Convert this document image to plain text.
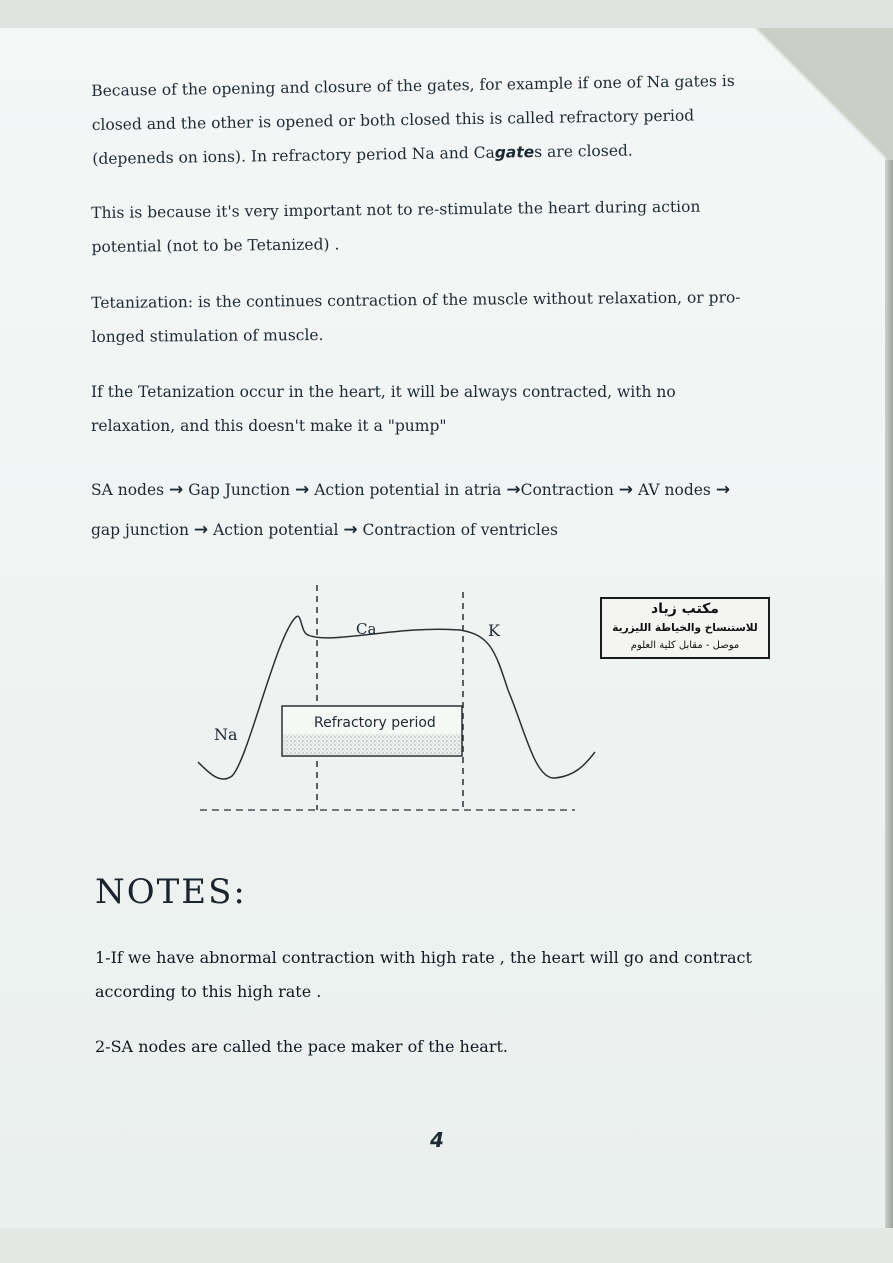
Because of the opening and closure of the gates, for example if one of Na gates is closed and the other is opened or both closed this is called refractory period (depeneds on ions). In refractory period Na and Cagates are closed.

This is because it's very important not to re-stimulate the heart during action potential (not to be Tetanized) .

Tetanization: is the continues contraction of the muscle without relaxation, or pro-longed stimulation of muscle.

If the Tetanization occur in the heart, it will be always contracted, with no relaxation, and this doesn't make it a "pump"

SA nodes → Gap Junction → Action potential in atria →Contraction → AV nodes → gap junction → Action potential → Contraction of ventricles

Refractory period
Na
Ca	K
مكتب زياد
للاستنساخ والخياطة الليزرية
موصل - مقابل كلية العلوم
NOTES:

1-If we have abnormal contraction with high rate , the heart will go and contract according to this high rate .

2-SA nodes are called the pace maker of the heart.

4
